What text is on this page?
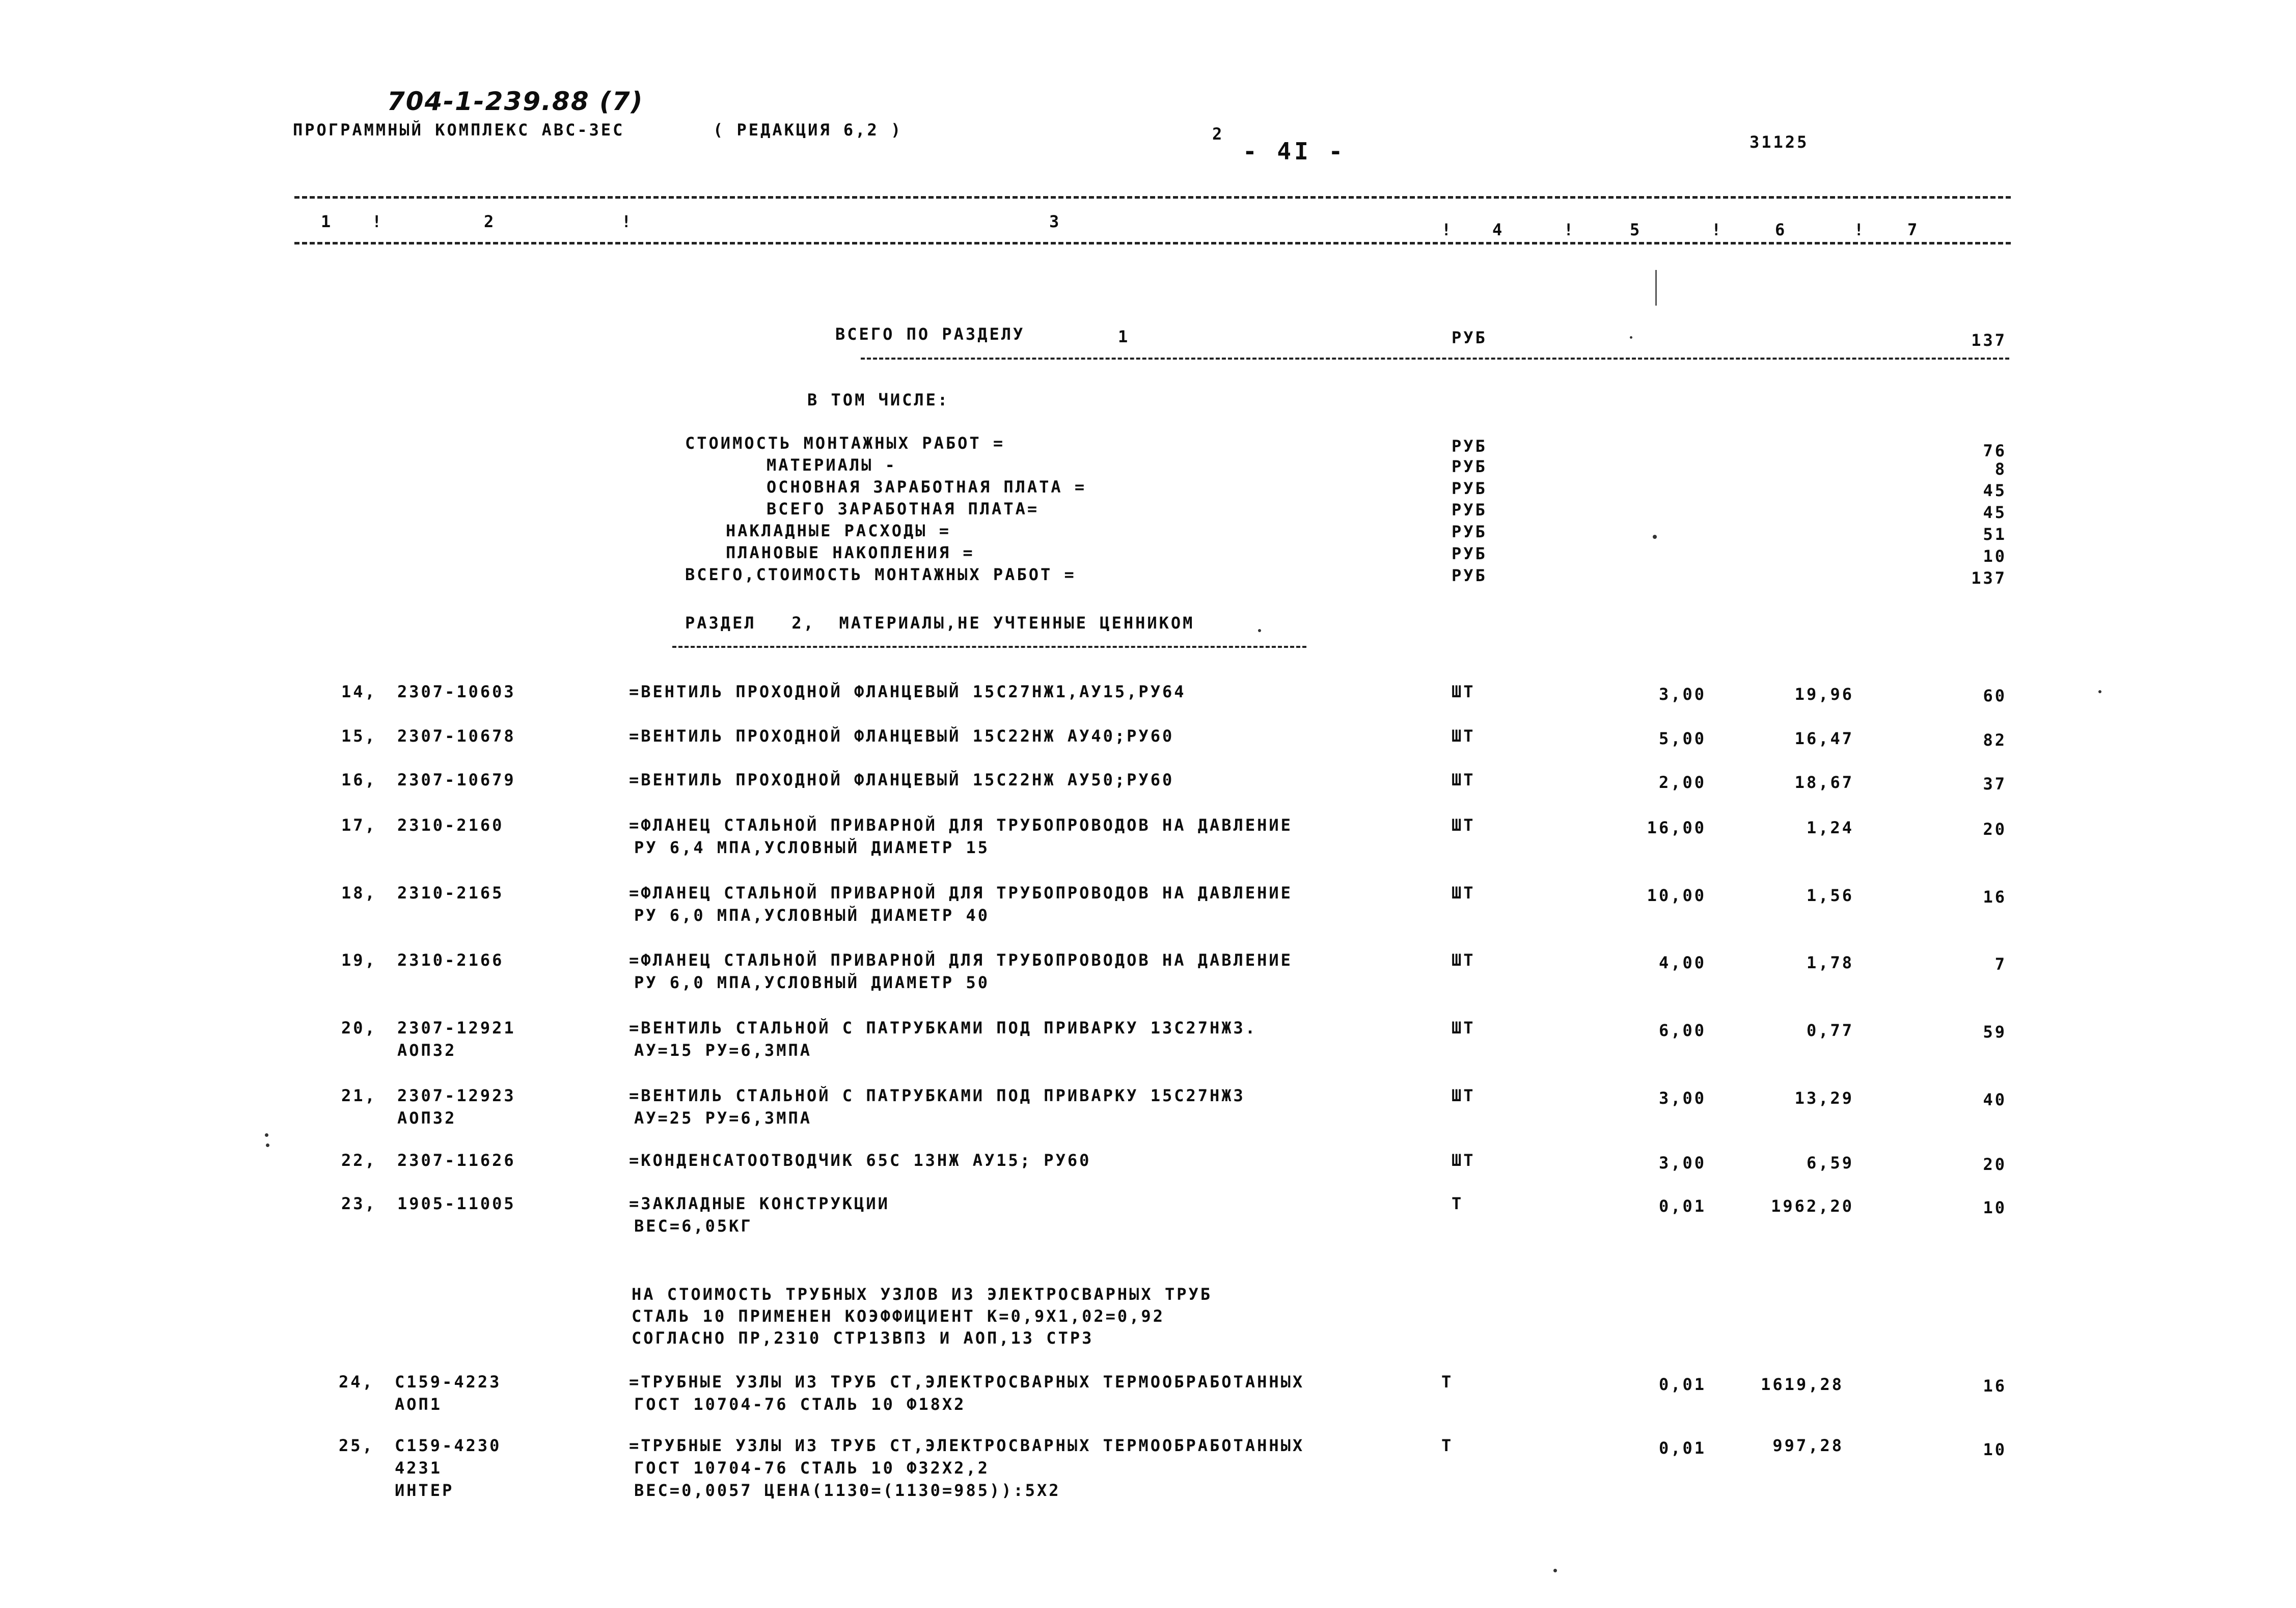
704-1-239.88 (7)
ПРОГРАММНЫЙ КОМПЛЕКС АВС-ЗЕС	( РЕДАКЦИЯ 6,2 )	2
- 4I -	31125
1	2	3	4	5	6	7
!	!	!	!	!	!
ВСЕГО ПО РАЗДЕЛУ	1	РУБ	137
В ТОМ ЧИСЛЕ:
СТОИМОСТЬ МОНТАЖНЫХ РАБОТ =	РУБ	76
МАТЕРИАЛЫ -	РУБ	8
ОСНОВНАЯ ЗАРАБОТНАЯ ПЛАТА =	РУБ	45
ВСЕГО ЗАРАБОТНАЯ ПЛАТА=	РУБ	45
НАКЛАДНЫЕ РАСХОДЫ =	РУБ	51
ПЛАНОВЫЕ НАКОПЛЕНИЯ =	РУБ	10
ВСЕГО,СТОИМОСТЬ МОНТАЖНЫХ РАБОТ =	РУБ	137
РАЗДЕЛ   2,  МАТЕРИАЛЫ,НЕ УЧТЕННЫЕ ЦЕННИКОМ
14, 2307-10603	=ВЕНТИЛЬ ПРОХОДНОЙ ФЛАНЦЕВЫЙ 15С27НЖ1,АУ15,РУ64	ШТ	3,00	19,96	60
15, 2307-10678	=ВЕНТИЛЬ ПРОХОДНОЙ ФЛАНЦЕВЫЙ 15С22НЖ АУ40;РУ60	ШТ	5,00	16,47	82
16, 2307-10679	=ВЕНТИЛЬ ПРОХОДНОЙ ФЛАНЦЕВЫЙ 15С22НЖ АУ50;РУ60	ШТ	2,00	18,67	37
17, 2310-2160	=ФЛАНЕЦ СТАЛЬНОЙ ПРИВАРНОЙ ДЛЯ ТРУБОПРОВОДОВ НА ДАВЛЕНИЕ
РУ 6,4 МПА,УСЛОВНЫЙ ДИАМЕТР 15
ШТ	16,00	1,24	20
18, 2310-2165	=ФЛАНЕЦ СТАЛЬНОЙ ПРИВАРНОЙ ДЛЯ ТРУБОПРОВОДОВ НА ДАВЛЕНИЕ
РУ 6,0 МПА,УСЛОВНЫЙ ДИАМЕТР 40
ШТ	10,00	1,56	16
19, 2310-2166	=ФЛАНЕЦ СТАЛЬНОЙ ПРИВАРНОЙ ДЛЯ ТРУБОПРОВОДОВ НА ДАВЛЕНИЕ
РУ 6,0 МПА,УСЛОВНЫЙ ДИАМЕТР 50
ШТ	4,00	1,78	7
20, 2307-12921
АОП32
=ВЕНТИЛЬ СТАЛЬНОЙ С ПАТРУБКАМИ ПОД ПРИВАРКУ 13С27НЖ3.
АУ=15 РУ=6,3МПА
ШТ	6,00	0,77	59
21, 2307-12923
АОП32
=ВЕНТИЛЬ СТАЛЬНОЙ С ПАТРУБКАМИ ПОД ПРИВАРКУ 15С27НЖ3
АУ=25 РУ=6,3МПА
ШТ	3,00	13,29	40
22, 2307-11626	=КОНДЕНСАТООТВОДЧИК 65С 13НЖ АУ15; РУ60	ШТ	3,00	6,59	20
23, 1905-11005	=ЗАКЛАДНЫЕ КОНСТРУКЦИИ
ВЕС=6,05КГ
Т	0,01	1962,20	10
НА СТОИМОСТЬ ТРУБНЫХ УЗЛОВ ИЗ ЭЛЕКТРОСВАРНЫХ ТРУБ
СТАЛЬ 10 ПРИМЕНЕН КОЭФФИЦИЕНТ К=0,9Х1,02=0,92
СОГЛАСНО ПР,2310 СТР13ВП3 И АОП,13 СТР3
24, С159-4223
АОП1
=ТРУБНЫЕ УЗЛЫ ИЗ ТРУБ СТ,ЭЛЕКТРОСВАРНЫХ ТЕРМООБРАБОТАННЫХ
ГОСТ 10704-76 СТАЛЬ 10 Ф18Х2
Т	0,01	1619,28	16
25, С159-4230
4231
ИНТЕР
=ТРУБНЫЕ УЗЛЫ ИЗ ТРУБ СТ,ЭЛЕКТРОСВАРНЫХ ТЕРМООБРАБОТАННЫХ
ГОСТ 10704-76 СТАЛЬ 10 Ф32Х2,2
ВЕС=0,0057 ЦЕНА(1130=(1130=985)):5Х2
Т	0,01	997,28	10
